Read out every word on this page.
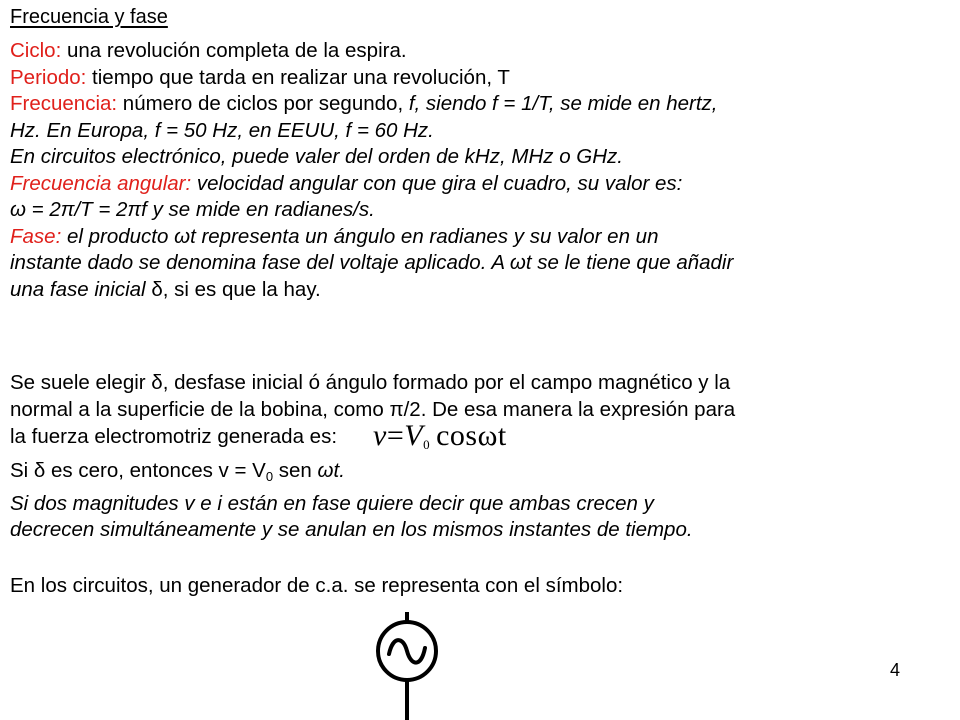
Frecuencia y fase
Ciclo: una revolución completa de la espira.
Periodo: tiempo que tarda en realizar una revolución, T
Frecuencia: número de ciclos por segundo, f, siendo f = 1/T, se mide en hertz,
Hz. En Europa, f = 50 Hz, en EEUU, f = 60 Hz.
En circuitos electrónico, puede valer del orden de kHz, MHz o GHz.
Frecuencia angular: velocidad angular con que gira el cuadro, su valor es:
ω = 2π/T = 2πf y se mide en radianes/s.
Fase: el producto ωt representa un ángulo en radianes y su valor en un
instante dado se denomina fase del voltaje aplicado. A ωt se le tiene que añadir
una fase inicial δ, si es que la hay.
Se suele elegir δ, desfase inicial ó ángulo formado por el campo magnético y la
normal a la superficie de la bobina, como π/2. De esa manera la expresión para
la fuerza electromotriz generada es: $v=V_0$ cosωt
Si δ es cero, entonces $v = V_0$ sen ωt.
Si dos magnitudes v e i están en fase quiere decir que ambas crecen y
decrecen simultáneamente y se anulan en los mismos instantes de tiempo.
En los circuitos, un generador de c.a. se representa con el símbolo:
4
